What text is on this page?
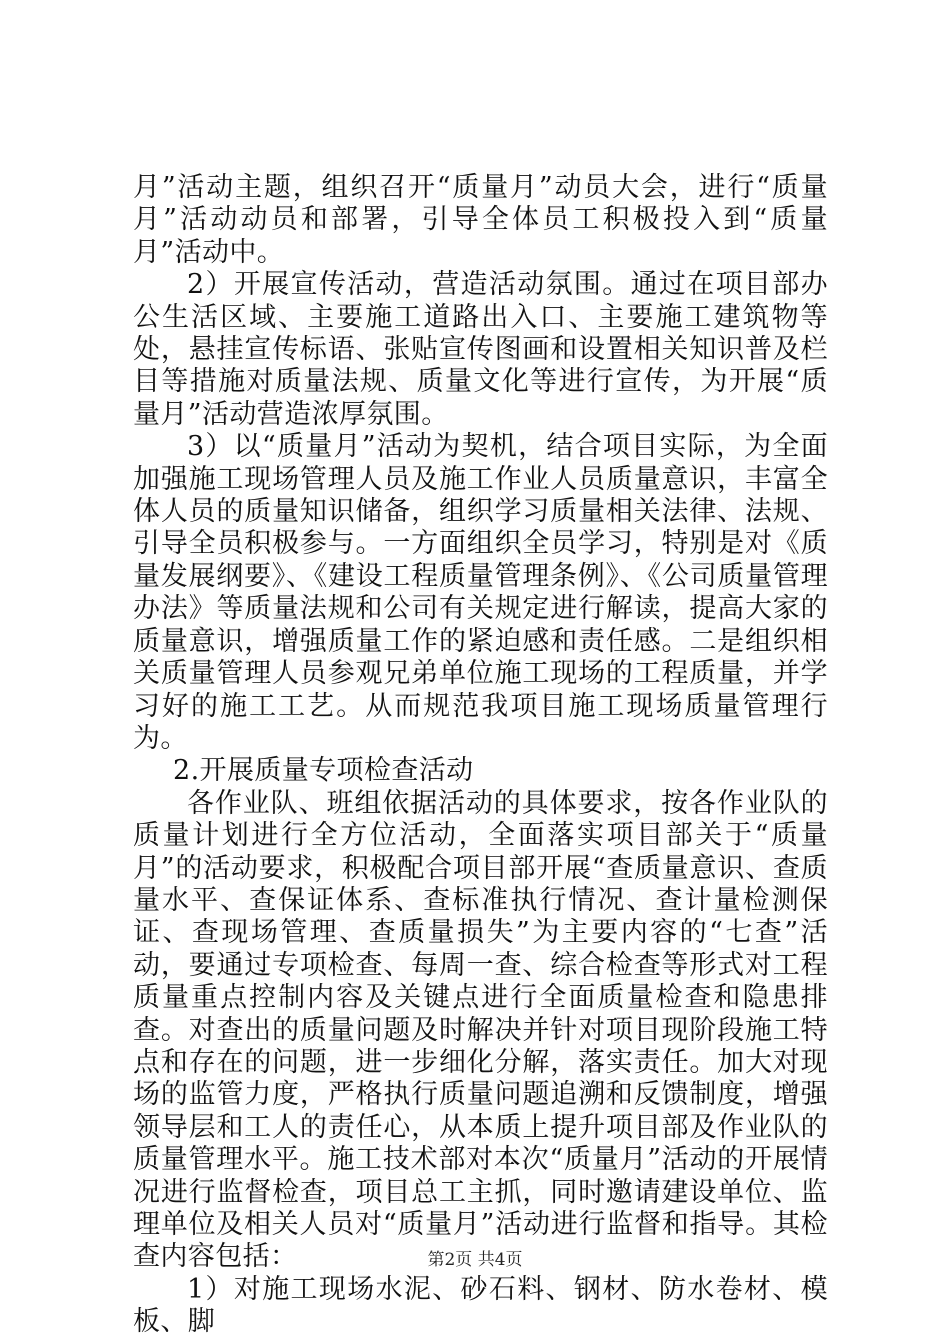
月”活动主题，组织召开“质量月”动员大会，进行“质量月”活动动员和部署，引导全体员工积极投入到“质量月”活动中。

2）开展宣传活动，营造活动氛围。通过在项目部办公生活区域、主要施工道路出入口、主要施工建筑物等处，悬挂宣传标语、张贴宣传图画和设置相关知识普及栏目等措施对质量法规、质量文化等进行宣传，为开展“质量月”活动营造浓厚氛围。

3）以“质量月”活动为契机，结合项目实际，为全面加强施工现场管理人员及施工作业人员质量意识，丰富全体人员的质量知识储备，组织学习质量相关法律、法规、引导全员积极参与。一方面组织全员学习，特别是对《质量发展纲要》、《建设工程质量管理条例》、《公司质量管理办法》等质量法规和公司有关规定进行解读，提高大家的质量意识，增强质量工作的紧迫感和责任感。二是组织相关质量管理人员参观兄弟单位施工现场的工程质量，并学习好的施工工艺。从而规范我项目施工现场质量管理行为。

2.开展质量专项检查活动

各作业队、班组依据活动的具体要求，按各作业队的质量计划进行全方位活动，全面落实项目部关于“质量月”的活动要求，积极配合项目部开展“查质量意识、查质量水平、查保证体系、查标准执行情况、查计量检测保证、查现场管理、查质量损失”为主要内容的“七查”活动，要通过专项检查、每周一查、综合检查等形式对工程质量重点控制内容及关键点进行全面质量检查和隐患排查。对查出的质量问题及时解决并针对项目现阶段施工特点和存在的问题，进一步细化分解，落实责任。加大对现场的监管力度，严格执行质量问题追溯和反馈制度，增强领导层和工人的责任心，从本质上提升项目部及作业队的质量管理水平。施工技术部对本次“质量月”活动的开展情况进行监督检查，项目总工主抓，同时邀请建设单位、监理单位及相关人员对“质量月”活动进行监督和指导。其检查内容包括：

1）对施工现场水泥、砂石料、钢材、防水卷材、模板、脚

第2页 共4页
